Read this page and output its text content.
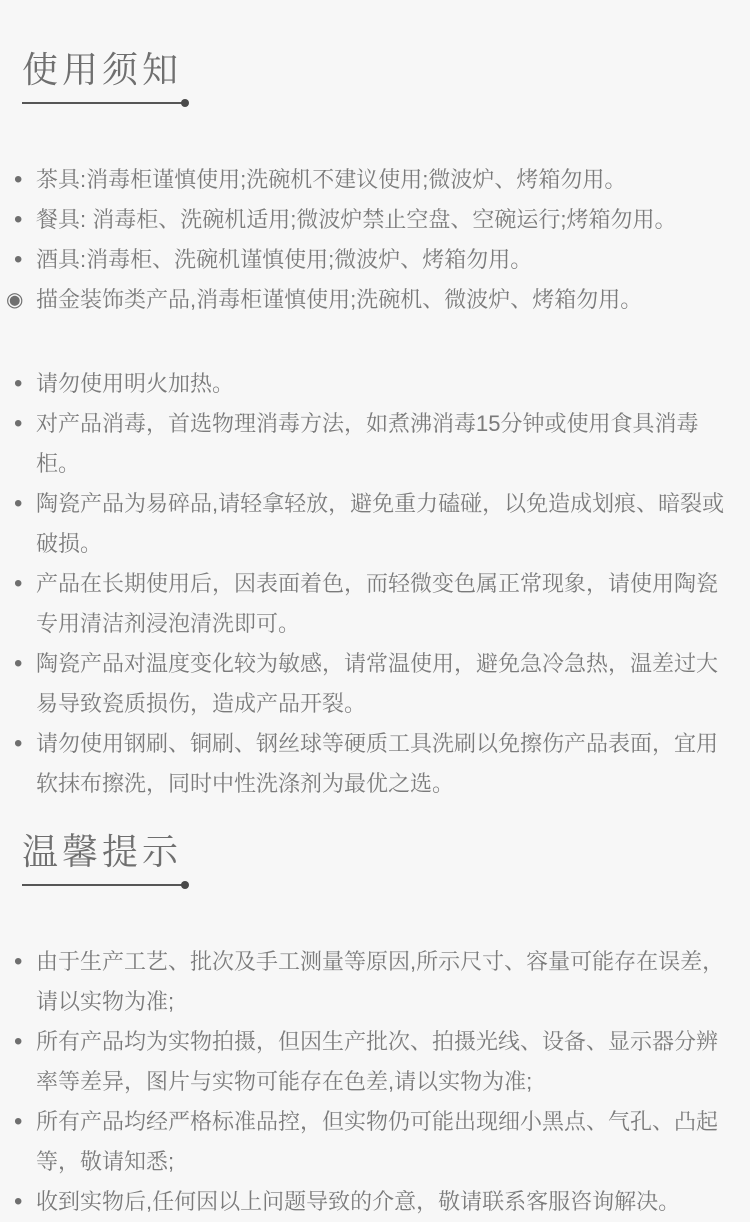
使用须知
• 茶具:消毒柜谨慎使用;洗碗机不建议使用;微波炉、烤箱勿用。
• 餐具: 消毒柜、洗碗机适用;微波炉禁止空盘、空碗运行;烤箱勿用。
• 酒具:消毒柜、洗碗机谨慎使用;微波炉、烤箱勿用。
◉ 描金装饰类产品,消毒柜谨慎使用;洗碗机、微波炉、烤箱勿用。
• 请勿使用明火加热。
• 对产品消毒，首选物理消毒方法，如煮沸消毒15分钟或使用食具消毒柜。
• 陶瓷产品为易碎品,请轻拿轻放，避免重力磕碰，以免造成划痕、暗裂或破损。
• 产品在长期使用后，因表面着色，而轻微变色属正常现象，请使用陶瓷专用清洁剂浸泡清洗即可。
• 陶瓷产品对温度变化较为敏感，请常温使用，避免急冷急热，温差过大易导致瓷质损伤，造成产品开裂。
• 请勿使用钢刷、铜刷、钢丝球等硬质工具洗刷以免擦伤产品表面，宜用软抹布擦洗，同时中性洗涤剂为最优之选。
温馨提示
• 由于生产工艺、批次及手工测量等原因,所示尺寸、容量可能存在误差，请以实物为准;
• 所有产品均为实物拍摄，但因生产批次、拍摄光线、设备、显示器分辨率等差异，图片与实物可能存在色差,请以实物为准;
• 所有产品均经严格标准品控，但实物仍可能出现细小黑点、气孔、凸起等，敬请知悉;
• 收到实物后,任何因以上问题导致的介意，敬请联系客服咨询解决。
